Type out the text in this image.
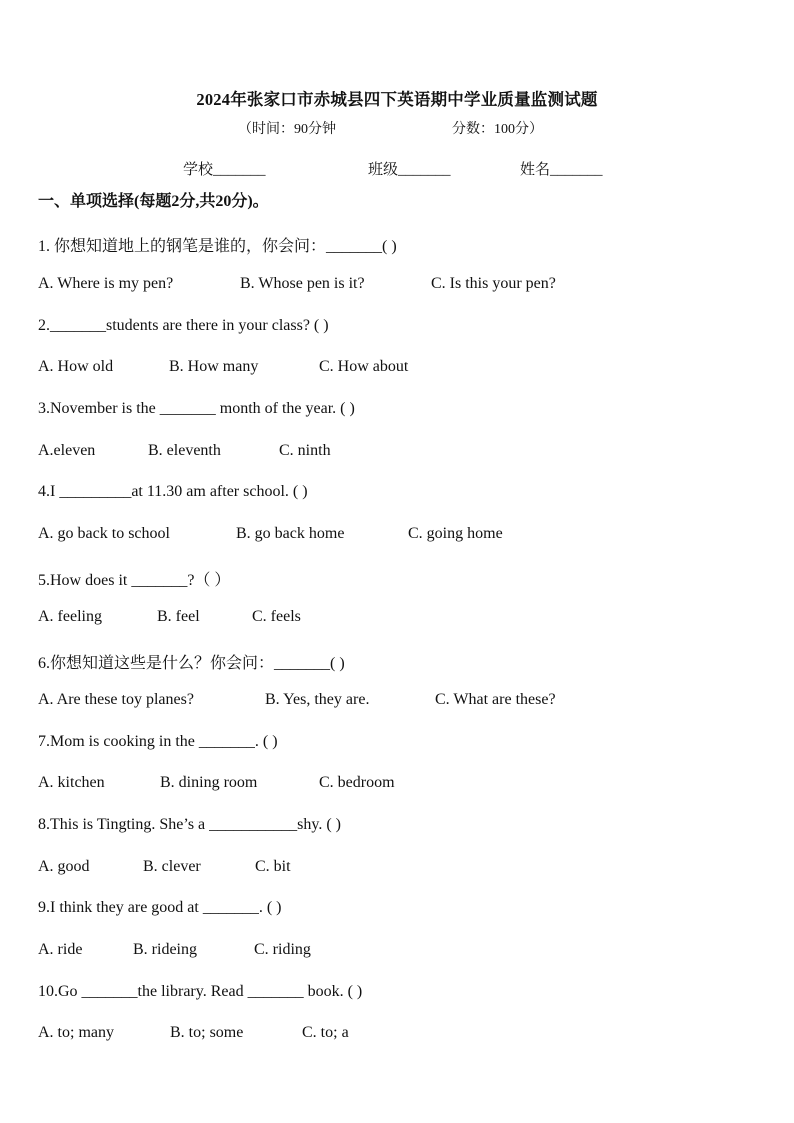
2024年张家口市赤城县四下英语期中学业质量监测试题
（时间：90分钟	分数：100分）
学校_______	班级_______	姓名_______
一、单项选择(每题2分,共20分)。
1. 你想知道地上的钢笔是谁的，你会问：_______( )
A. Where is my pen?	B. Whose pen is it?	C. Is this your pen?
2._______students are there in your class? ( )
A. How old	B. How many	C. How about
3.November is the _______ month of the year. ( )
A.eleven	B. eleventh	C. ninth
4.I _________at 11.30 am after school. ( )
A. go back to school	B. go back home	C. going home
5.How does it _______?（ ）
A. feeling	B. feel	C. feels
6.你想知道这些是什么？你会问：_______( )
A. Are these toy planes?	B. Yes, they are.	C. What are these?
7.Mom is cooking in the _______. ( )
A. kitchen	B. dining room	C. bedroom
8.This is Tingting. She’s a ___________shy. ( )
A. good	B. clever	C. bit
9.I think they are good at _______. ( )
A. ride	B. rideing	C. riding
10.Go _______the library. Read _______ book. ( )
A. to; many	B. to; some	C. to; a
